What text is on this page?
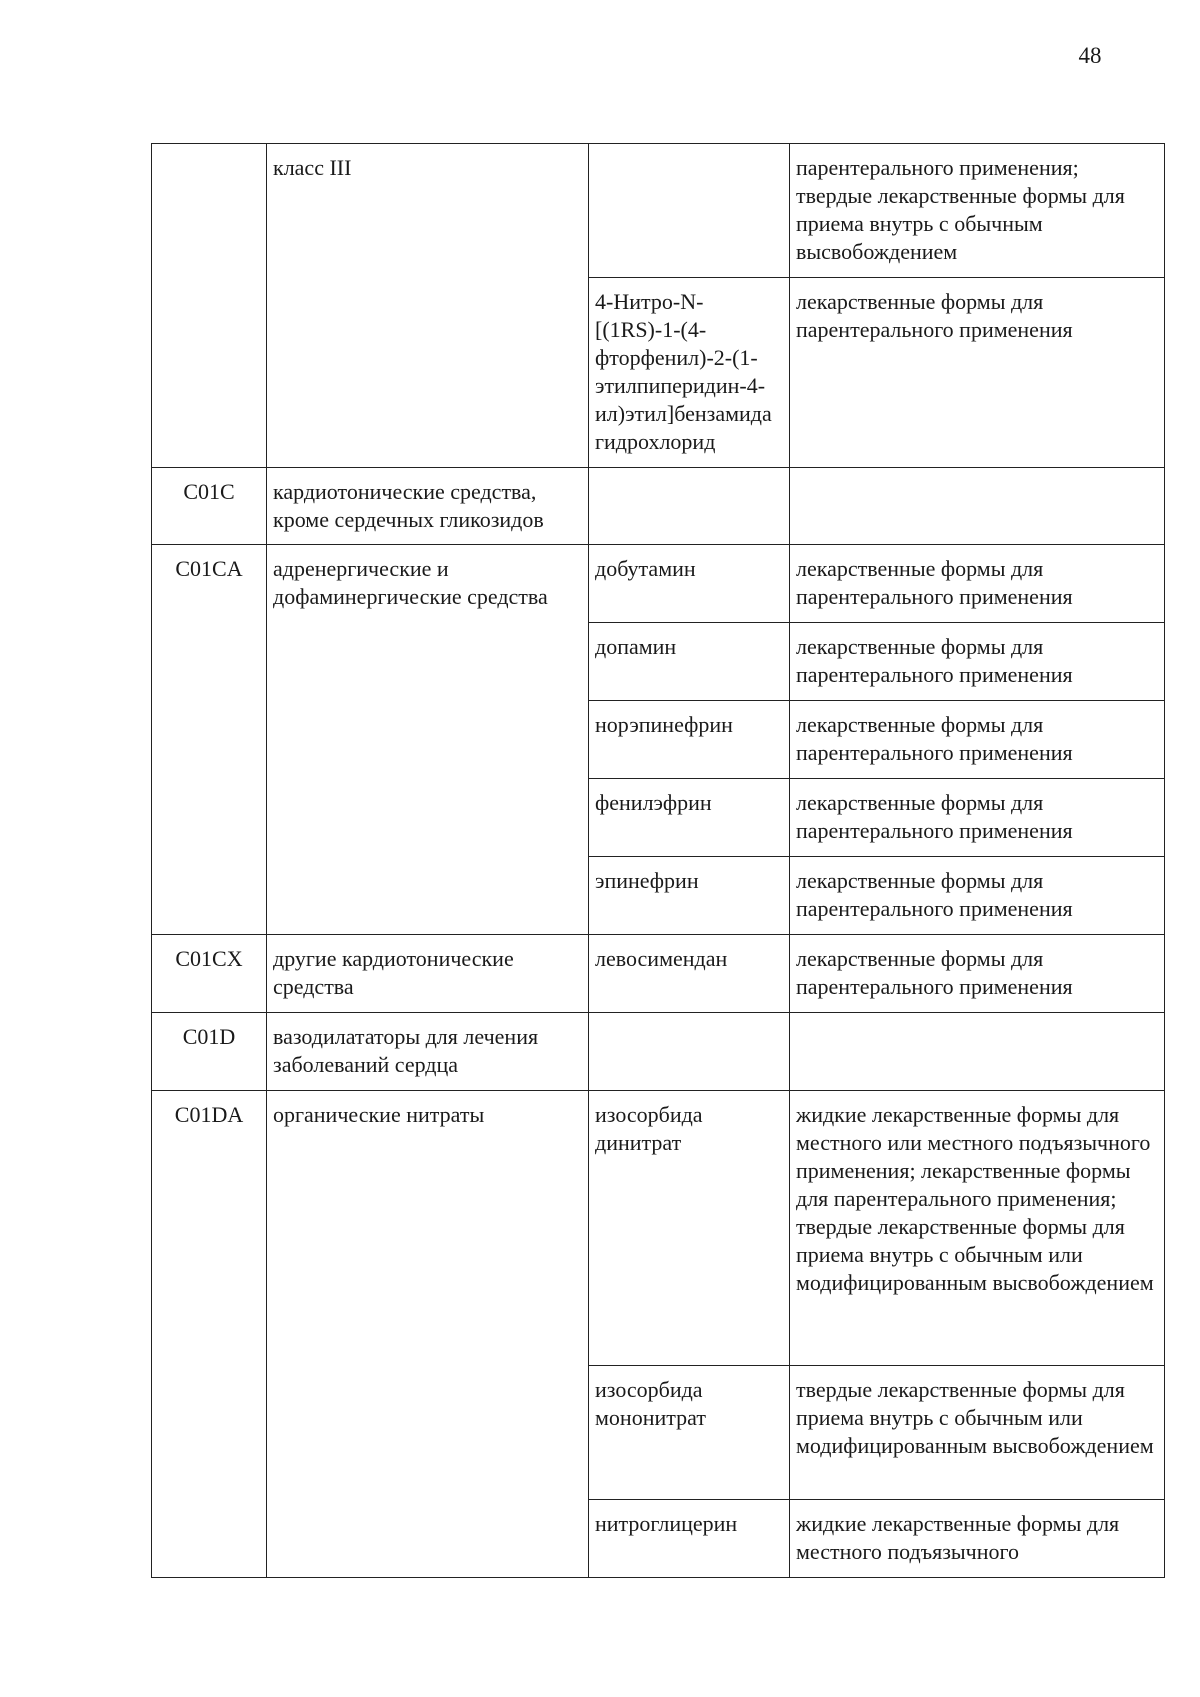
48
	класс III		парентерального применения; твердые лекарственные формы для приема внутрь с обычным высвобождением
		4-Нитро-N-[(1RS)-1-(4-фторфенил)-2-(1-этилпиперидин-4-ил)этил]бензамида гидрохлорид	лекарственные формы для парентерального применения
C01C	кардиотонические средства, кроме сердечных гликозидов		
C01CA	адренергические и дофаминергические средства	добутамин	лекарственные формы для парентерального применения
		допамин	лекарственные формы для парентерального применения
		норэпинефрин	лекарственные формы для парентерального применения
		фенилэфрин	лекарственные формы для парентерального применения
		эпинефрин	лекарственные формы для парентерального применения
C01CX	другие кардиотонические средства	левосимендан	лекарственные формы для парентерального применения
C01D	вазодилататоры для лечения заболеваний сердца		
C01DA	органические нитраты	изосорбида динитрат	жидкие лекарственные формы для местного или местного подъязычного применения; лекарственные формы для парентерального применения; твердые лекарственные формы для приема внутрь с обычным или модифицированным высвобождением
		изосорбида мононитрат	твердые лекарственные формы для приема внутрь с обычным или модифицированным высвобождением
		нитроглицерин	жидкие лекарственные формы для местного подъязычного
